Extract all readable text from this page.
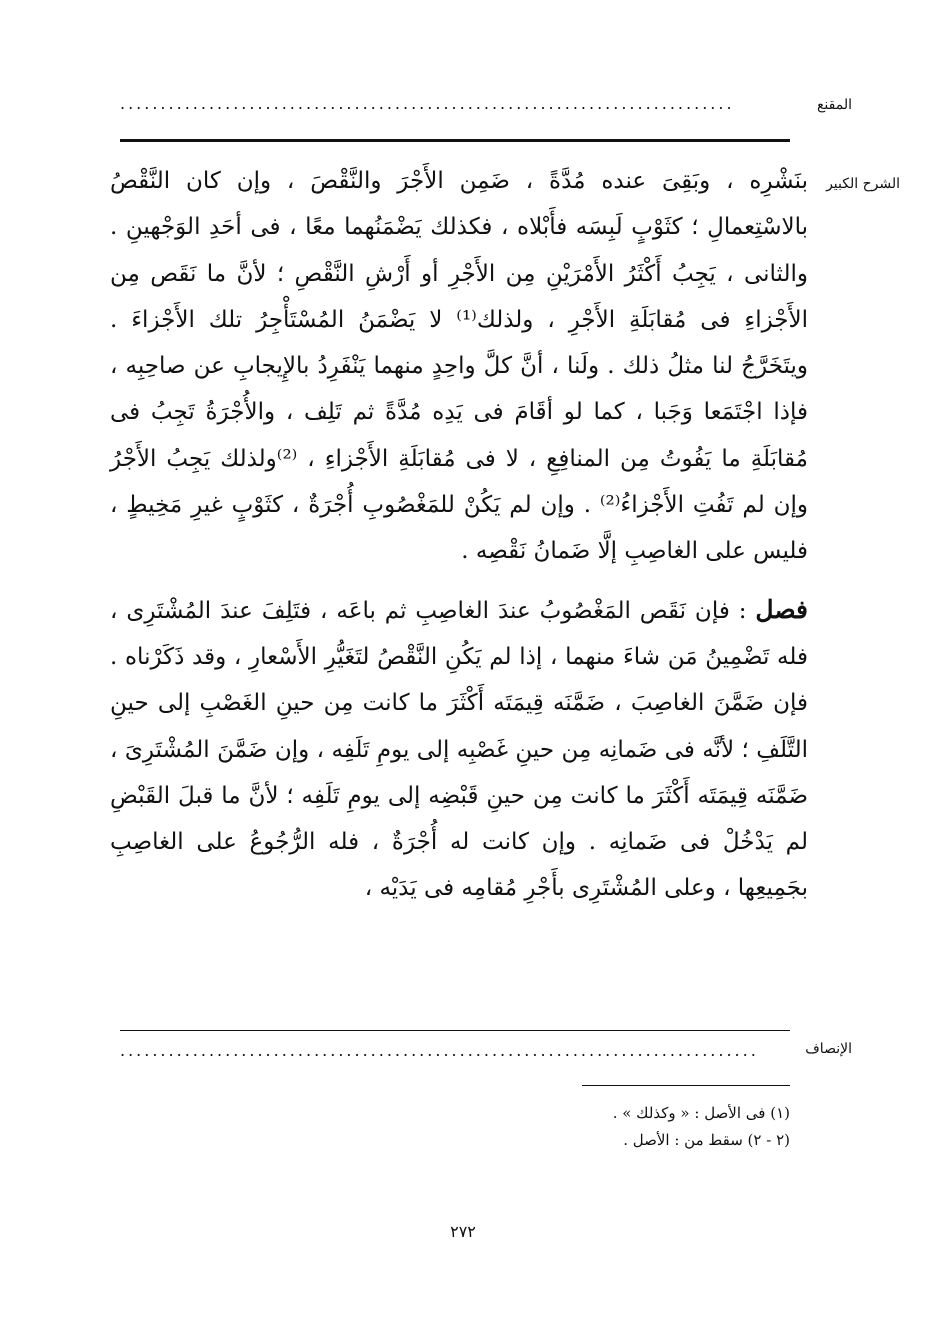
المقنع
............................................................................
الشرح الكبير

بنَشْرِه ، وبَقِىَ عنده مُدَّةً ، ضَمِن الأَجْرَ والنَّقْصَ ، وإن كان النَّقْصُ بالاسْتِعمالِ ؛ كثَوْبٍ لَبِسَه فأَبْلاه ، فكذلك يَضْمَنُهما معًا ، فى أحَدِ الوَجْهينِ . والثانى ، يَجِبُ أَكْثَرُ الأَمْرَيْنِ مِن الأَجْرِ أو أَرْشِ النَّقْصِ ؛ لأنَّ ما نَقَص مِن الأَجْزاءِ فى مُقابَلَةِ الأَجْرِ ، ولذلك⁽¹⁾ لا يَضْمَنُ المُسْتَأْجِرُ تلك الأَجْزاءَ . ويتَخَرَّجُ لنا مثلُ ذلك . ولَنا ، أنَّ كلَّ واحِدٍ منهما يَنْفَرِدُ بالإِيجابِ عن صاحِبِه ، فإذا اجْتَمَعا وَجَبا ، كما لو أقَامَ فى يَدِه مُدَّةً ثم تَلِف ، والأُجْرَةُ تَجِبُ فى مُقابَلَةِ ما يَفُوتُ مِن المنافِعِ ، لا فى مُقابَلَةِ الأَجْزاءِ ، ⁽²⁾ولذلك يَجِبُ الأَجْرُ وإن لم تَفُتِ الأَجْزاءُ⁽²⁾ . وإن لم يَكُنْ للمَغْصُوبِ أُجْرَةٌ ، كثَوْبٍ غيرِ مَخِيطٍ ، فليس على الغاصِبِ إلَّا ضَمانُ نَقْصِه .

فصل : فإن نَقَص المَغْصُوبُ عندَ الغاصِبِ ثم باعَه ، فتَلِفَ عندَ المُشْتَرِى ، فله تَضْمِينُ مَن شاءَ منهما ، إذا لم يَكُنِ النَّقْصُ لتَغَيُّرِ الأَسْعارِ ، وقد ذَكَرْناه . فإن ضَمَّنَ الغاصِبَ ، ضَمَّنَه قِيمَتَه أَكْثَرَ ما كانت مِن حينِ الغَصْبِ إلى حينِ التَّلَفِ ؛ لأنَّه فى ضَمانِه مِن حينِ غَصْبِه إلى يومِ تَلَفِه ، وإن ضَمَّنَ المُشْتَرِىَ ، ضَمَّنَه قِيمَتَه أَكْثَرَ ما كانت مِن حينِ قَبْضِه إلى يومِ تَلَفِه ؛ لأنَّ ما قبلَ القَبْضِ لم يَدْخُلْ فى ضَمانِه . وإن كانت له أُجْرَةٌ ، فله الرُّجُوعُ على الغاصِبِ بجَمِيعِها ، وعلى المُشْتَرِى بأَجْرِ مُقامِه فى يَدَيْه ،

الإنصاف
...............................................................................
(١) فى الأصل : « وكذلك » .
(٢ - ٢) سقط من : الأصل .
٢٧٢
